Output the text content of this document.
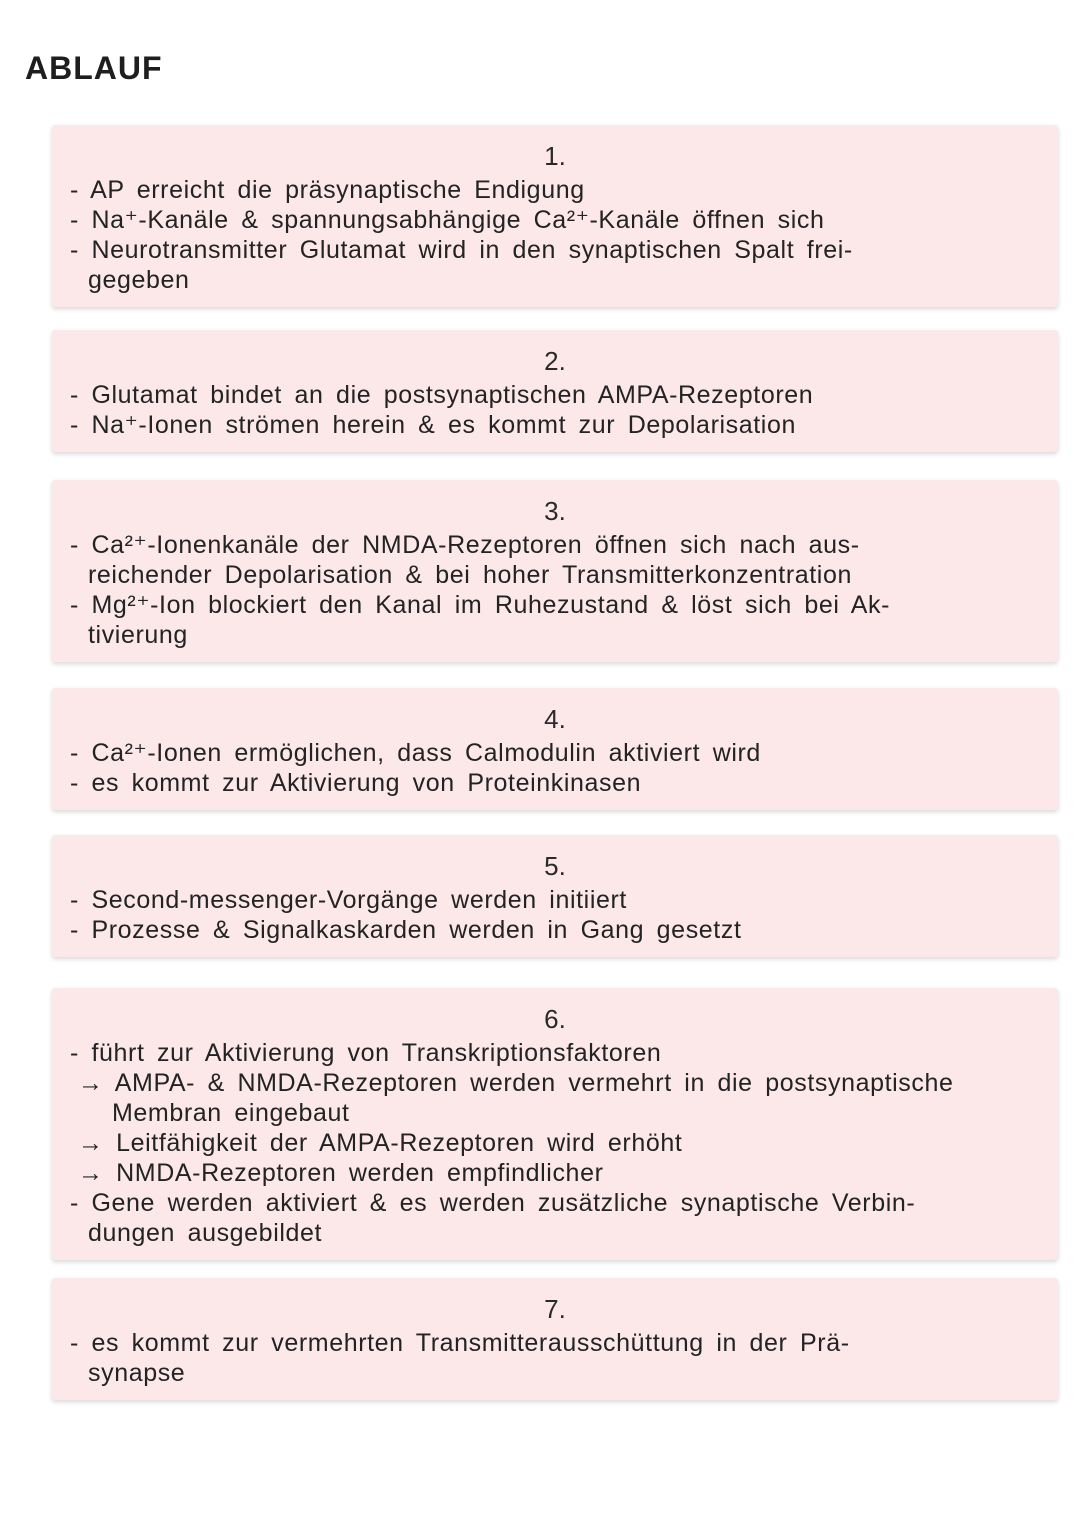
ABLAUF
1.
- AP erreicht die präsynaptische Endigung
- Na⁺-Kanäle & spannungsabhängige Ca²⁺-Kanäle öffnen sich
- Neurotransmitter Glutamat wird in den synaptischen Spalt frei-
gegeben
2.
- Glutamat bindet an die postsynaptischen AMPA-Rezeptoren
- Na⁺-Ionen strömen herein & es kommt zur Depolarisation
3.
- Ca²⁺-Ionenkanäle der NMDA-Rezeptoren öffnen sich nach aus-
reichender Depolarisation & bei hoher Transmitterkonzentration
- Mg²⁺-Ion blockiert den Kanal im Ruhezustand & löst sich bei Ak-
tivierung
4.
- Ca²⁺-Ionen ermöglichen, dass Calmodulin aktiviert wird
- es kommt zur Aktivierung von Proteinkinasen
5.
- Second-messenger-Vorgänge werden initiiert
- Prozesse & Signalkaskarden werden in Gang gesetzt
6.
- führt zur Aktivierung von Transkriptionsfaktoren
→ AMPA- & NMDA-Rezeptoren werden vermehrt in die postsynaptische
Membran eingebaut
→ Leitfähigkeit der AMPA-Rezeptoren wird erhöht
→ NMDA-Rezeptoren werden empfindlicher
- Gene werden aktiviert & es werden zusätzliche synaptische Verbin-
dungen ausgebildet
7.
- es kommt zur vermehrten Transmitterausschüttung in der Prä-
synapse
